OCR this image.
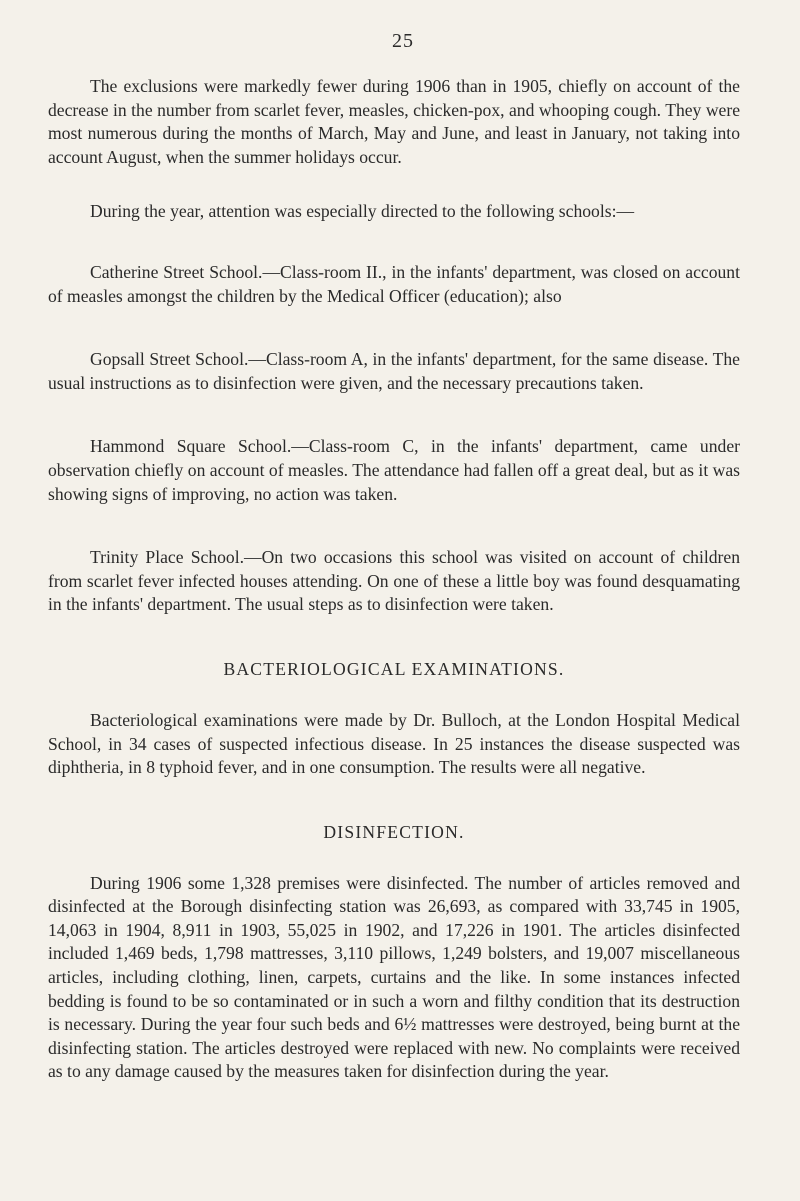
25

The exclusions were markedly fewer during 1906 than in 1905, chiefly on account of the decrease in the number from scarlet fever, measles, chicken-pox, and whooping cough. They were most numerous during the months of March, May and June, and least in January, not taking into account August, when the summer holidays occur.

During the year, attention was especially directed to the following schools:—

Catherine Street School.—Class-room II., in the infants' department, was closed on account of measles amongst the children by the Medical Officer (education); also

Gopsall Street School.—Class-room A, in the infants' department, for the same disease. The usual instructions as to disinfection were given, and the necessary precautions taken.

Hammond Square School.—Class-room C, in the infants' department, came under observation chiefly on account of measles. The attendance had fallen off a great deal, but as it was showing signs of improving, no action was taken.

Trinity Place School.—On two occasions this school was visited on account of children from scarlet fever infected houses attending. On one of these a little boy was found desquamating in the infants' department. The usual steps as to disinfection were taken.

BACTERIOLOGICAL EXAMINATIONS.

Bacteriological examinations were made by Dr. Bulloch, at the London Hospital Medical School, in 34 cases of suspected infectious disease. In 25 instances the disease suspected was diphtheria, in 8 typhoid fever, and in one consumption. The results were all negative.

DISINFECTION.

During 1906 some 1,328 premises were disinfected. The number of articles removed and disinfected at the Borough disinfecting station was 26,693, as compared with 33,745 in 1905, 14,063 in 1904, 8,911 in 1903, 55,025 in 1902, and 17,226 in 1901. The articles disinfected included 1,469 beds, 1,798 mattresses, 3,110 pillows, 1,249 bolsters, and 19,007 miscellaneous articles, including clothing, linen, carpets, curtains and the like. In some instances infected bedding is found to be so contaminated or in such a worn and filthy condition that its destruction is necessary. During the year four such beds and 6½ mattresses were destroyed, being burnt at the disinfecting station. The articles destroyed were replaced with new. No complaints were received as to any damage caused by the measures taken for disinfection during the year.
